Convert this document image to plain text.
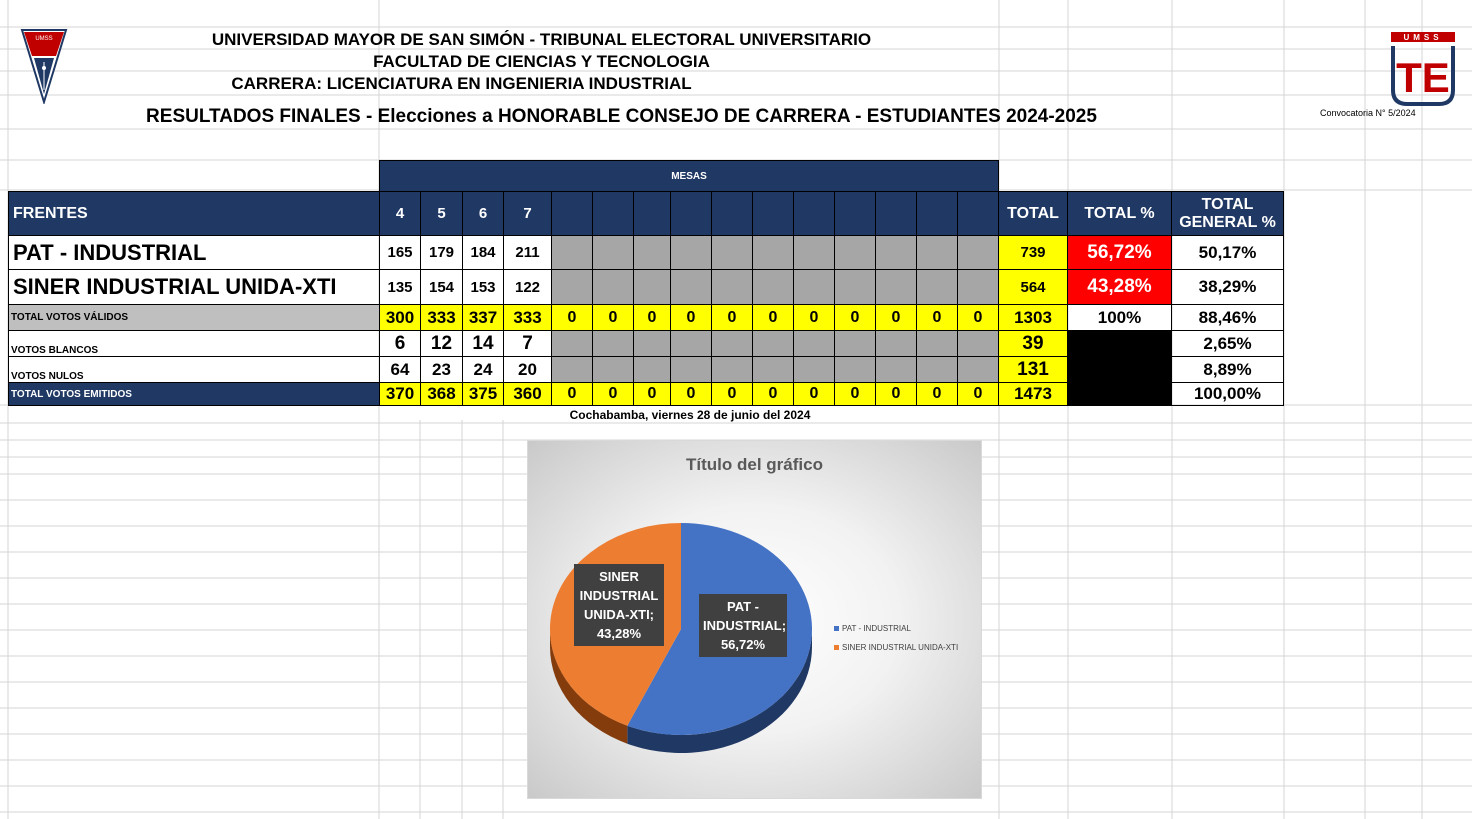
UMSS	UMSS
TE
UNIVERSIDAD MAYOR DE SAN SIMÓN - TRIBUNAL ELECTORAL UNIVERSITARIO
FACULTAD DE CIENCIAS Y TECNOLOGIA
CARRERA: LICENCIATURA EN INGENIERIA INDUSTRIAL
RESULTADOS FINALES - Elecciones a HONORABLE CONSEJO DE CARRERA - ESTUDIANTES 2024-2025	Convocatoria N° 5/2024
	MESAS																	
FRENTES	4	5	6	7												TOTAL	TOTAL %	TOTAL GENERAL %
PAT - INDUSTRIAL	165	179	184	211												739	56,72%	50,17%
SINER INDUSTRIAL UNIDA-XTI	135	154	153	122												564	43,28%	38,29%
TOTAL VOTOS VÁLIDOS	300	333	337	333	0	0	0	0	0	0	0	0	0	0	0	1303	100%	88,46%
VOTOS BLANCOS	6	12	14	7												39		2,65%
VOTOS NULOS	64	23	24	20												131		8,89%
TOTAL VOTOS EMITIDOS	370	368	375	360	0	0	0	0	0	0	0	0	0	0	0	1473		100,00%
Cochabamba, viernes 28 de junio del 2024
Título del gráfico
SINER INDUSTRIAL UNIDA-XTI; 43,28%
PAT - INDUSTRIAL; 56,72%
PAT - INDUSTRIAL
SINER INDUSTRIAL UNIDA-XTI
